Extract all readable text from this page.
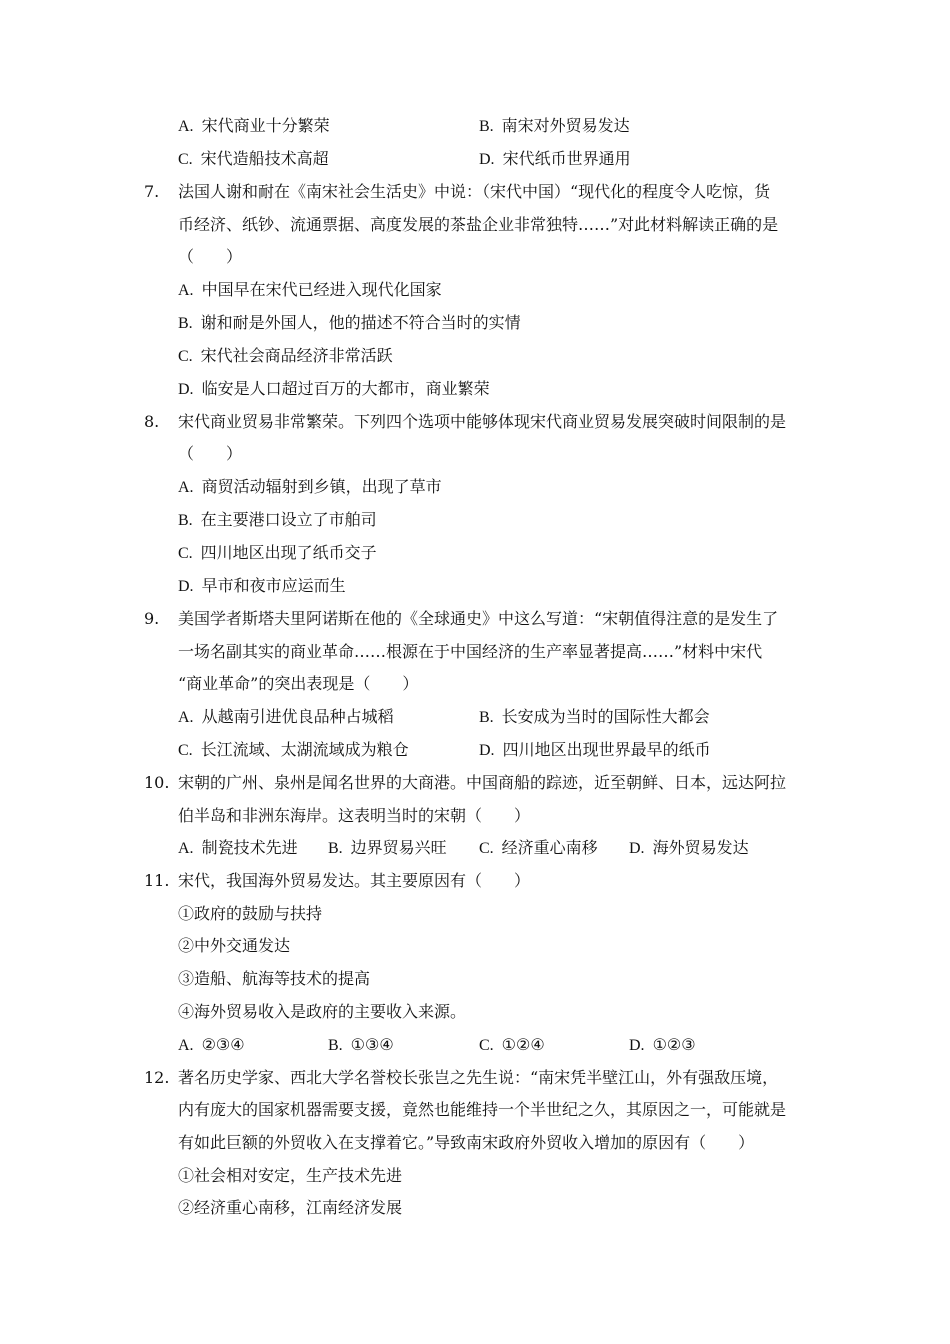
A. 宋代商业十分繁荣	B. 南宋对外贸易发达
C. 宋代造船技术高超	D. 宋代纸币世界通用
7. 法国人谢和耐在《南宋社会生活史》中说：（宋代中国）“现代化的程度令人吃惊，货
币经济、纸钞、流通票据、高度发展的茶盐企业非常独特……”对此材料解读正确的是
（　　）
A. 中国早在宋代已经进入现代化国家
B. 谢和耐是外国人，他的描述不符合当时的实情
C. 宋代社会商品经济非常活跃
D. 临安是人口超过百万的大都市，商业繁荣
8. 宋代商业贸易非常繁荣。下列四个选项中能够体现宋代商业贸易发展突破时间限制的是
（　　）
A. 商贸活动辐射到乡镇，出现了草市
B. 在主要港口设立了市舶司
C. 四川地区出现了纸币交子
D. 早市和夜市应运而生
9. 美国学者斯塔夫里阿诺斯在他的《全球通史》中这么写道：“宋朝值得注意的是发生了
一场名副其实的商业革命……根源在于中国经济的生产率显著提高……”材料中宋代
“商业革命”的突出表现是（　　）
A. 从越南引进优良品种占城稻	B. 长安成为当时的国际性大都会
C. 长江流域、太湖流域成为粮仓	D. 四川地区出现世界最早的纸币
10. 宋朝的广州、泉州是闻名世界的大商港。中国商船的踪迹，近至朝鲜、日本，远达阿拉
伯半岛和非洲东海岸。这表明当时的宋朝（　　）
A. 制瓷技术先进 B. 边界贸易兴旺 C. 经济重心南移 D. 海外贸易发达
11. 宋代，我国海外贸易发达。其主要原因有（　　）
①政府的鼓励与扶持
②中外交通发达
③造船、航海等技术的提高
④海外贸易收入是政府的主要收入来源。
A. ②③④	B. ①③④	C. ①②④	D. ①②③
12. 著名历史学家、西北大学名誉校长张岂之先生说：“南宋凭半壁江山，外有强敌压境，
内有庞大的国家机器需要支援，竟然也能维持一个半世纪之久，其原因之一，可能就是
有如此巨额的外贸收入在支撑着它。”导致南宋政府外贸收入增加的原因有（　　）
①社会相对安定，生产技术先进
②经济重心南移，江南经济发展
